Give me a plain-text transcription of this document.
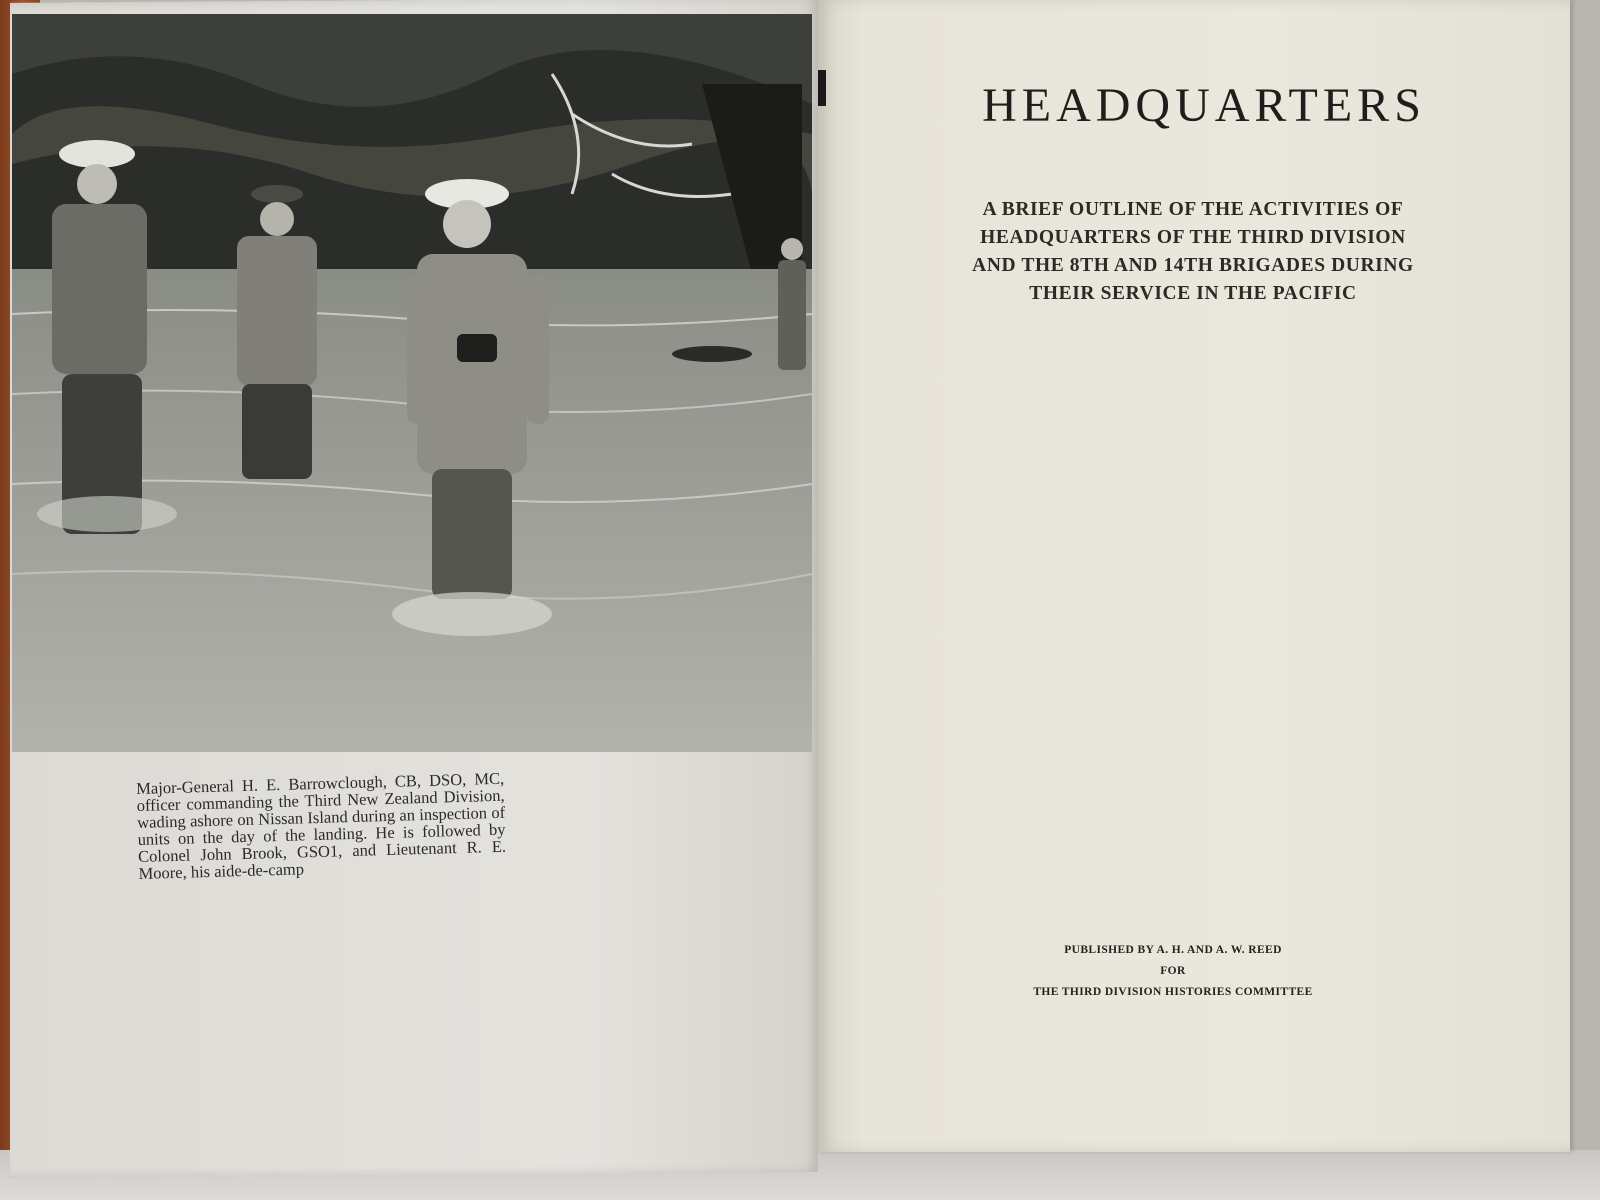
Major-General H. E. Barrowclough, CB, DSO, MC, officer commanding the Third New Zealand Division, wading ashore on Nissan Island during an inspection of units on the day of the landing. He is followed by Colonel John Brook, GSO1, and Lieutenant R. E. Moore, his aide-de-camp
HEADQUARTERS
A BRIEF OUTLINE OF THE ACTIVITIES OF HEADQUARTERS OF THE THIRD DIVISION AND THE 8TH AND 14TH BRIGADES DURING THEIR SERVICE IN THE PACIFIC
PUBLISHED BY A. H. AND A. W. REED
FOR
THE THIRD DIVISION HISTORIES COMMITTEE
